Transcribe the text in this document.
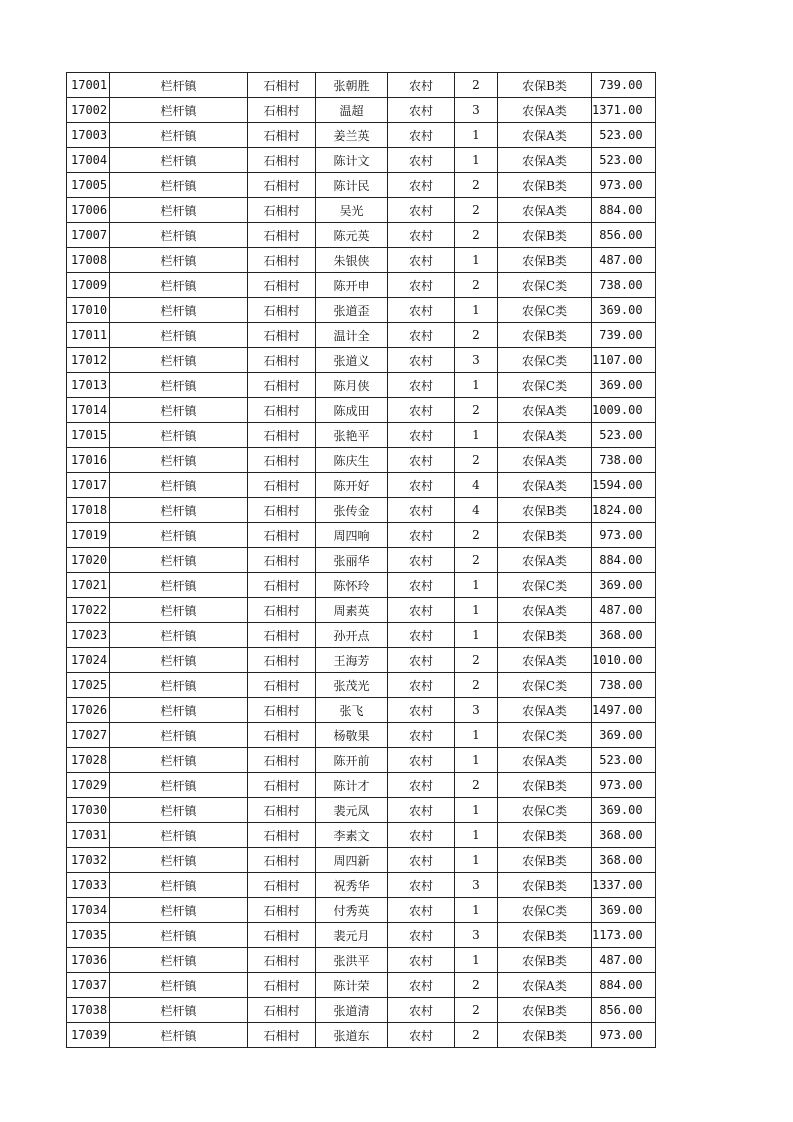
17001	栏杆镇	石相村	张朝胜	农村	2	农保B类	739.00
17002	栏杆镇	石相村	温超	农村	3	农保A类	1371.00
17003	栏杆镇	石相村	姜兰英	农村	1	农保A类	523.00
17004	栏杆镇	石相村	陈计文	农村	1	农保A类	523.00
17005	栏杆镇	石相村	陈计民	农村	2	农保B类	973.00
17006	栏杆镇	石相村	吴光	农村	2	农保A类	884.00
17007	栏杆镇	石相村	陈元英	农村	2	农保B类	856.00
17008	栏杆镇	石相村	朱银侠	农村	1	农保B类	487.00
17009	栏杆镇	石相村	陈开申	农村	2	农保C类	738.00
17010	栏杆镇	石相村	张道歪	农村	1	农保C类	369.00
17011	栏杆镇	石相村	温计全	农村	2	农保B类	739.00
17012	栏杆镇	石相村	张道义	农村	3	农保C类	1107.00
17013	栏杆镇	石相村	陈月侠	农村	1	农保C类	369.00
17014	栏杆镇	石相村	陈成田	农村	2	农保A类	1009.00
17015	栏杆镇	石相村	张艳平	农村	1	农保A类	523.00
17016	栏杆镇	石相村	陈庆生	农村	2	农保A类	738.00
17017	栏杆镇	石相村	陈开好	农村	4	农保A类	1594.00
17018	栏杆镇	石相村	张传金	农村	4	农保B类	1824.00
17019	栏杆镇	石相村	周四响	农村	2	农保B类	973.00
17020	栏杆镇	石相村	张丽华	农村	2	农保A类	884.00
17021	栏杆镇	石相村	陈怀玲	农村	1	农保C类	369.00
17022	栏杆镇	石相村	周素英	农村	1	农保A类	487.00
17023	栏杆镇	石相村	孙开点	农村	1	农保B类	368.00
17024	栏杆镇	石相村	王海芳	农村	2	农保A类	1010.00
17025	栏杆镇	石相村	张茂光	农村	2	农保C类	738.00
17026	栏杆镇	石相村	张飞	农村	3	农保A类	1497.00
17027	栏杆镇	石相村	杨敬果	农村	1	农保C类	369.00
17028	栏杆镇	石相村	陈开前	农村	1	农保A类	523.00
17029	栏杆镇	石相村	陈计才	农村	2	农保B类	973.00
17030	栏杆镇	石相村	裴元凤	农村	1	农保C类	369.00
17031	栏杆镇	石相村	李素文	农村	1	农保B类	368.00
17032	栏杆镇	石相村	周四新	农村	1	农保B类	368.00
17033	栏杆镇	石相村	祝秀华	农村	3	农保B类	1337.00
17034	栏杆镇	石相村	付秀英	农村	1	农保C类	369.00
17035	栏杆镇	石相村	裴元月	农村	3	农保B类	1173.00
17036	栏杆镇	石相村	张洪平	农村	1	农保B类	487.00
17037	栏杆镇	石相村	陈计荣	农村	2	农保A类	884.00
17038	栏杆镇	石相村	张道清	农村	2	农保B类	856.00
17039	栏杆镇	石相村	张道东	农村	2	农保B类	973.00
